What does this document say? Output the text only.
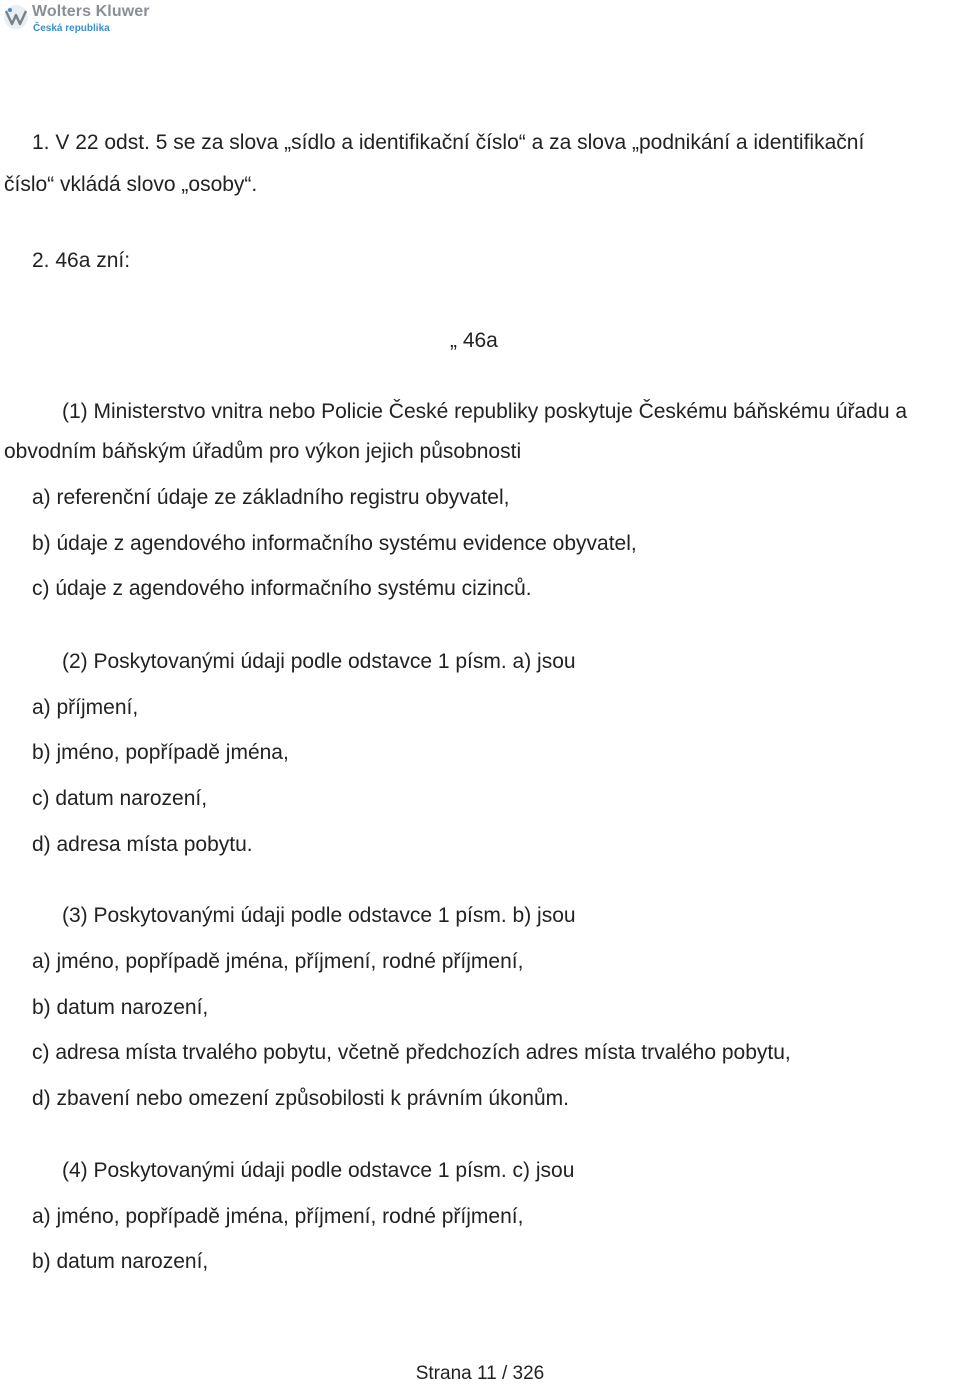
Wolters Kluwer
Česká republika
1. V 22 odst. 5 se za slova „sídlo a identifikační číslo“ a za slova „podnikání a identifikační
číslo“ vkládá slovo „osoby“.
2. 46a zní:
„ 46a
(1) Ministerstvo vnitra nebo Policie České republiky poskytuje Českému báňskému úřadu a
obvodním báňským úřadům pro výkon jejich působnosti
a) referenční údaje ze základního registru obyvatel,
b) údaje z agendového informačního systému evidence obyvatel,
c) údaje z agendového informačního systému cizinců.
(2) Poskytovanými údaji podle odstavce 1 písm. a) jsou
a) příjmení,
b) jméno, popřípadě jména,
c) datum narození,
d) adresa místa pobytu.
(3) Poskytovanými údaji podle odstavce 1 písm. b) jsou
a) jméno, popřípadě jména, příjmení, rodné příjmení,
b) datum narození,
c) adresa místa trvalého pobytu, včetně předchozích adres místa trvalého pobytu,
d) zbavení nebo omezení způsobilosti k právním úkonům.
(4) Poskytovanými údaji podle odstavce 1 písm. c) jsou
a) jméno, popřípadě jména, příjmení, rodné příjmení,
b) datum narození,
Strana 11 / 326
